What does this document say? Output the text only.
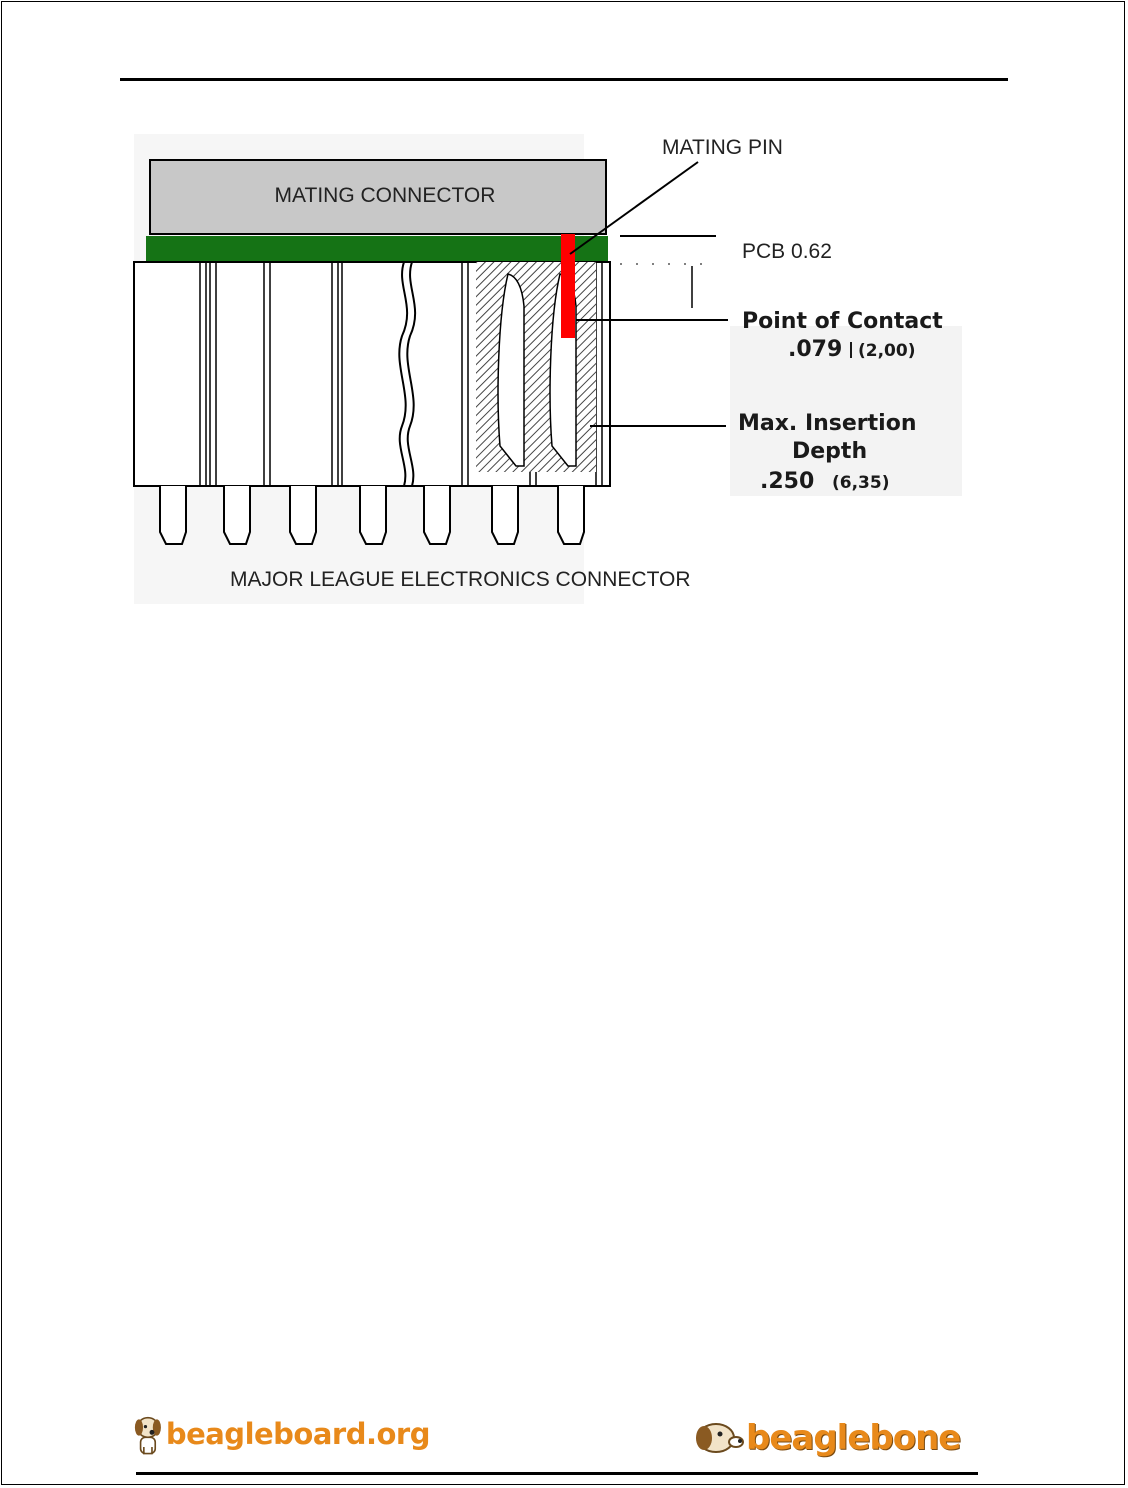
MATING CONNECTOR
MAJOR LEAGUE ELECTRONICS CONNECTOR
MATING PIN
PCB 0.62
Point of Contact
.079 (2,00)
Max. Insertion
Depth
.250 (6,35)
beagleboard.org	beaglebone
